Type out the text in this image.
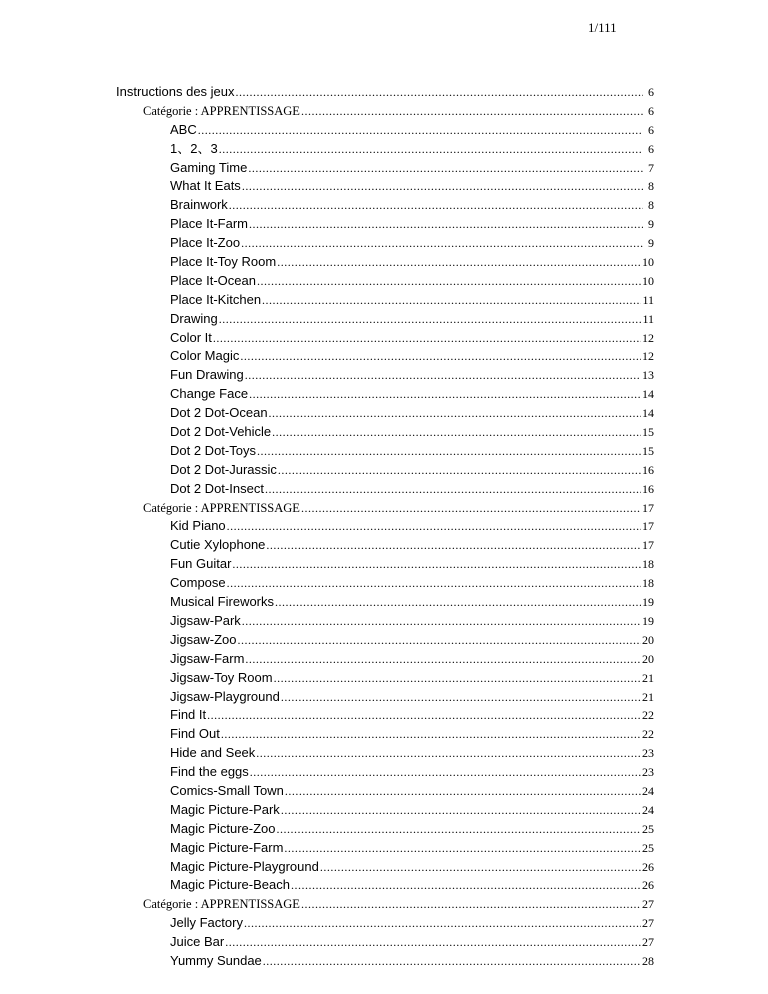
1/111
Instructions des jeux .....	6
Catégorie : APPRENTISSAGE .....	6
ABC .....	6
1、2、3 .....	6
Gaming Time .....	7
What It Eats .....	8
Brainwork .....	8
Place It-Farm .....	9
Place It-Zoo .....	9
Place It-Toy Room .....	10
Place It-Ocean .....	10
Place It-Kitchen .....	11
Drawing .....	11
Color It .....	12
Color Magic .....	12
Fun Drawing .....	13
Change Face .....	14
Dot 2 Dot-Ocean .....	14
Dot 2 Dot-Vehicle .....	15
Dot 2 Dot-Toys .....	15
Dot 2 Dot-Jurassic .....	16
Dot 2 Dot-Insect .....	16
Catégorie : APPRENTISSAGE .....	17
Kid Piano .....	17
Cutie Xylophone .....	17
Fun Guitar .....	18
Compose .....	18
Musical Fireworks .....	19
Jigsaw-Park .....	19
Jigsaw-Zoo .....	20
Jigsaw-Farm .....	20
Jigsaw-Toy Room .....	21
Jigsaw-Playground .....	21
Find It .....	22
Find Out .....	22
Hide and Seek .....	23
Find the eggs .....	23
Comics-Small Town .....	24
Magic Picture-Park .....	24
Magic Picture-Zoo .....	25
Magic Picture-Farm .....	25
Magic Picture-Playground .....	26
Magic Picture-Beach .....	26
Catégorie : APPRENTISSAGE .....	27
Jelly Factory .....	27
Juice Bar .....	27
Yummy Sundae .....	28
